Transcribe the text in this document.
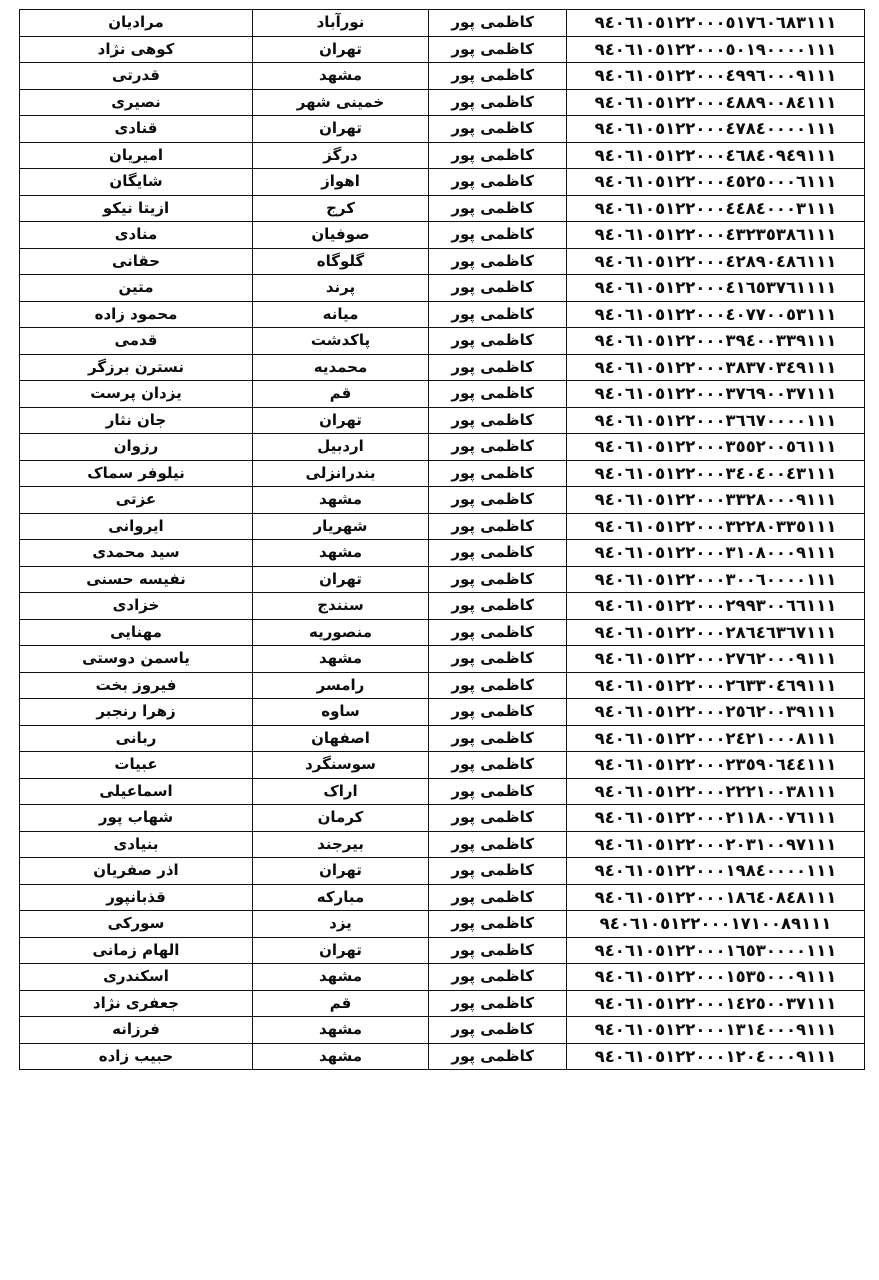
مرادیان	نورآباد	کاظمی پور	٩٤٠٦١٠٥١٢٢٠٠٠٥١٧٦٠٦٨٣١١١
کوهی نژاد	تهران	کاظمی پور	٩٤٠٦١٠٥١٢٢٠٠٠٥٠١٩٠٠٠٠١١١
قدرتی	مشهد	کاظمی پور	٩٤٠٦١٠٥١٢٢٠٠٠٤٩٩٦٠٠٠٩١١١
نصیری	خمینی شهر	کاظمی پور	٩٤٠٦١٠٥١٢٢٠٠٠٤٨٨٩٠٠٨٤١١١
قنادی	تهران	کاظمی پور	٩٤٠٦١٠٥١٢٢٠٠٠٤٧٨٤٠٠٠٠١١١
امیریان	درگز	کاظمی پور	٩٤٠٦١٠٥١٢٢٠٠٠٤٦٨٤٠٩٤٩١١١
شایگان	اهواز	کاظمی پور	٩٤٠٦١٠٥١٢٢٠٠٠٤٥٢٥٠٠٠٦١١١
ازیتا نیکو	کرج	کاظمی پور	٩٤٠٦١٠٥١٢٢٠٠٠٤٤٨٤٠٠٠٣١١١
منادی	صوفیان	کاظمی پور	٩٤٠٦١٠٥١٢٢٠٠٠٤٣٢٣٥٣٨٦١١١
حقانی	گلوگاه	کاظمی پور	٩٤٠٦١٠٥١٢٢٠٠٠٤٢٨٩٠٤٨٦١١١
متین	پرند	کاظمی پور	٩٤٠٦١٠٥١٢٢٠٠٠٤١٦٥٣٧٦١١١١
محمود زاده	میانه	کاظمی پور	٩٤٠٦١٠٥١٢٢٠٠٠٤٠٧٧٠٠٥٣١١١
قدمی	پاکدشت	کاظمی پور	٩٤٠٦١٠٥١٢٢٠٠٠٣٩٤٠٠٣٣٩١١١
نسترن برزگر	محمدیه	کاظمی پور	٩٤٠٦١٠٥١٢٢٠٠٠٣٨٣٧٠٣٤٩١١١
یزدان پرست	قم	کاظمی پور	٩٤٠٦١٠٥١٢٢٠٠٠٣٧٦٩٠٠٣٧١١١
جان نثار	تهران	کاظمی پور	٩٤٠٦١٠٥١٢٢٠٠٠٣٦٦٧٠٠٠٠١١١
رزوان	اردبیل	کاظمی پور	٩٤٠٦١٠٥١٢٢٠٠٠٣٥٥٢٠٠٥٦١١١
نیلوفر سماک	بندرانزلی	کاظمی پور	٩٤٠٦١٠٥١٢٢٠٠٠٣٤٠٤٠٠٤٣١١١
عزتی	مشهد	کاظمی پور	٩٤٠٦١٠٥١٢٢٠٠٠٣٣٢٨٠٠٠٩١١١
ایروانی	شهریار	کاظمی پور	٩٤٠٦١٠٥١٢٢٠٠٠٣٢٢٨٠٣٣٥١١١
سید محمدی	مشهد	کاظمی پور	٩٤٠٦١٠٥١٢٢٠٠٠٣١٠٨٠٠٠٩١١١
نفیسه حسنی	تهران	کاظمی پور	٩٤٠٦١٠٥١٢٢٠٠٠٣٠٠٦٠٠٠٠١١١
خزادی	سنندج	کاظمی پور	٩٤٠٦١٠٥١٢٢٠٠٠٢٩٩٣٠٠٦٦١١١
مهنایی	منصوریه	کاظمی پور	٩٤٠٦١٠٥١٢٢٠٠٠٢٨٦٤٦٣٦٧١١١
یاسمن دوستی	مشهد	کاظمی پور	٩٤٠٦١٠٥١٢٢٠٠٠٢٧٦٢٠٠٠٩١١١
فیروز بخت	رامسر	کاظمی پور	٩٤٠٦١٠٥١٢٢٠٠٠٢٦٣٣٠٤٦٩١١١
زهرا رنجبر	ساوه	کاظمی پور	٩٤٠٦١٠٥١٢٢٠٠٠٢٥٦٢٠٠٣٩١١١
ربانی	اصفهان	کاظمی پور	٩٤٠٦١٠٥١٢٢٠٠٠٢٤٢١٠٠٠٨١١١
عبیات	سوسنگرد	کاظمی پور	٩٤٠٦١٠٥١٢٢٠٠٠٢٣٥٩٠٦٤٤١١١
اسماعیلی	اراک	کاظمی پور	٩٤٠٦١٠٥١٢٢٠٠٠٢٢٢١٠٠٣٨١١١
شهاب پور	کرمان	کاظمی پور	٩٤٠٦١٠٥١٢٢٠٠٠٢١١٨٠٠٧٦١١١
بنیادی	بیرجند	کاظمی پور	٩٤٠٦١٠٥١٢٢٠٠٠٢٠٣١٠٠٩٧١١١
اذر صفریان	تهران	کاظمی پور	٩٤٠٦١٠٥١٢٢٠٠٠١٩٨٤٠٠٠٠١١١
قذبانپور	مبارکه	کاظمی پور	٩٤٠٦١٠٥١٢٢٠٠٠١٨٦٤٠٨٤٨١١١
سورکی	یزد	کاظمی پور	٩٤٠٦١٠٥١٢٢٠٠٠١٧١٠٠٨٩١١١
الهام زمانی	تهران	کاظمی پور	٩٤٠٦١٠٥١٢٢٠٠٠١٦٥٣٠٠٠٠١١١
اسکندری	مشهد	کاظمی پور	٩٤٠٦١٠٥١٢٢٠٠٠١٥٣٥٠٠٠٩١١١
جعفری نژاد	قم	کاظمی پور	٩٤٠٦١٠٥١٢٢٠٠٠١٤٢٥٠٠٣٧١١١
فرزانه	مشهد	کاظمی پور	٩٤٠٦١٠٥١٢٢٠٠٠١٣١٤٠٠٠٩١١١
حبیب زاده	مشهد	کاظمی پور	٩٤٠٦١٠٥١٢٢٠٠٠١٢٠٤٠٠٠٩١١١
